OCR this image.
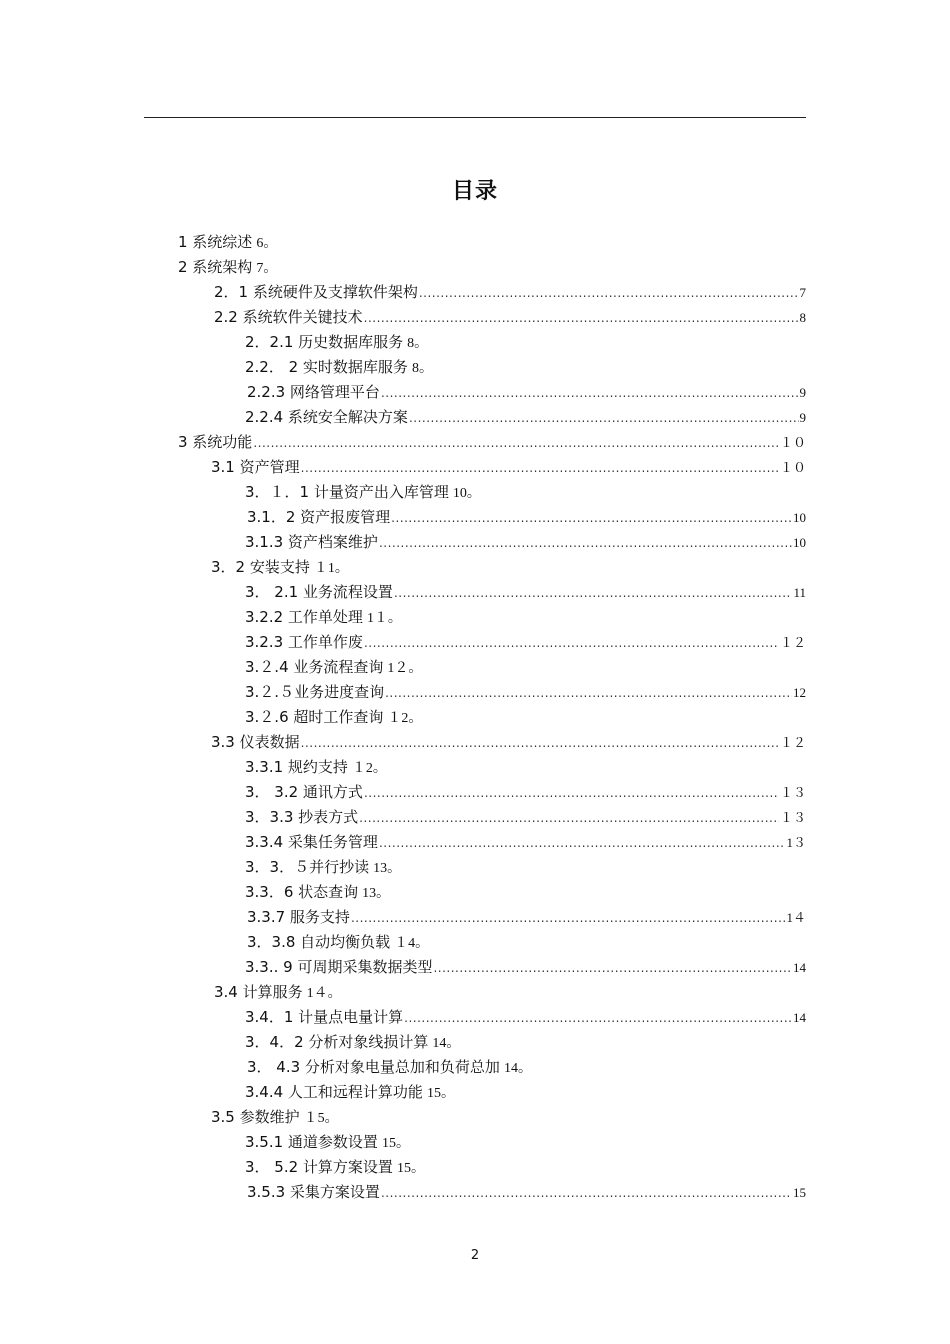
目录
1 系统综述 6。
2 系统架构 7。
2．1 系统硬件及支撑软件架构 .....	7
2.2 系统软件关键技术 .....	8
2．2.1 历史数据库服务 8。
2.2． 2 实时数据库服务 8。
2.2.3 网络管理平台 .....	9
2.2.4 系统安全解决方案 .....	9
3 系统功能 .....	１０
3.1 资产管理 .....	１０
3．１．1 计量资产出入库管理 10。
3.1．2 资产报废管理 .....	10
3.1.3 资产档案维护 .....	10
3．2 安装支持 １1。
3． 2.1 业务流程设置 .....	11
3.2.2 工作单处理 1１。
3.2.3 工作单作废 .....	１２
3.２.4 业务流程查询 1２。
3.２.５业务进度查询 .....	12
3.２.6 超时工作查询 １2。
3.3 仪表数据 .....	１２
3.3.1 规约支持 １2。
3． 3.2 通讯方式 .....	１３
3．3.3 抄表方式 .....	１３
3.3.4 采集任务管理 .....	1３
3．3．５并行抄读 13。
3.3．6 状态查询 13。
3.3.7 服务支持 .....	1４
3．3.8 自动均衡负载 １4。
3.3.. 9 可周期采集数据类型 .....	14
3.4 计算服务 1４。
3.4．1 计量点电量计算 .....	14
3．4．2 分析对象线损计算 14。
3． 4.3 分析对象电量总加和负荷总加 14。
3.4.4 人工和远程计算功能 15。
3.5 参数维护 １5。
3.5.1 通道参数设置 15。
3． 5.2 计算方案设置 15。
3.5.3 采集方案设置 .....	15
2
